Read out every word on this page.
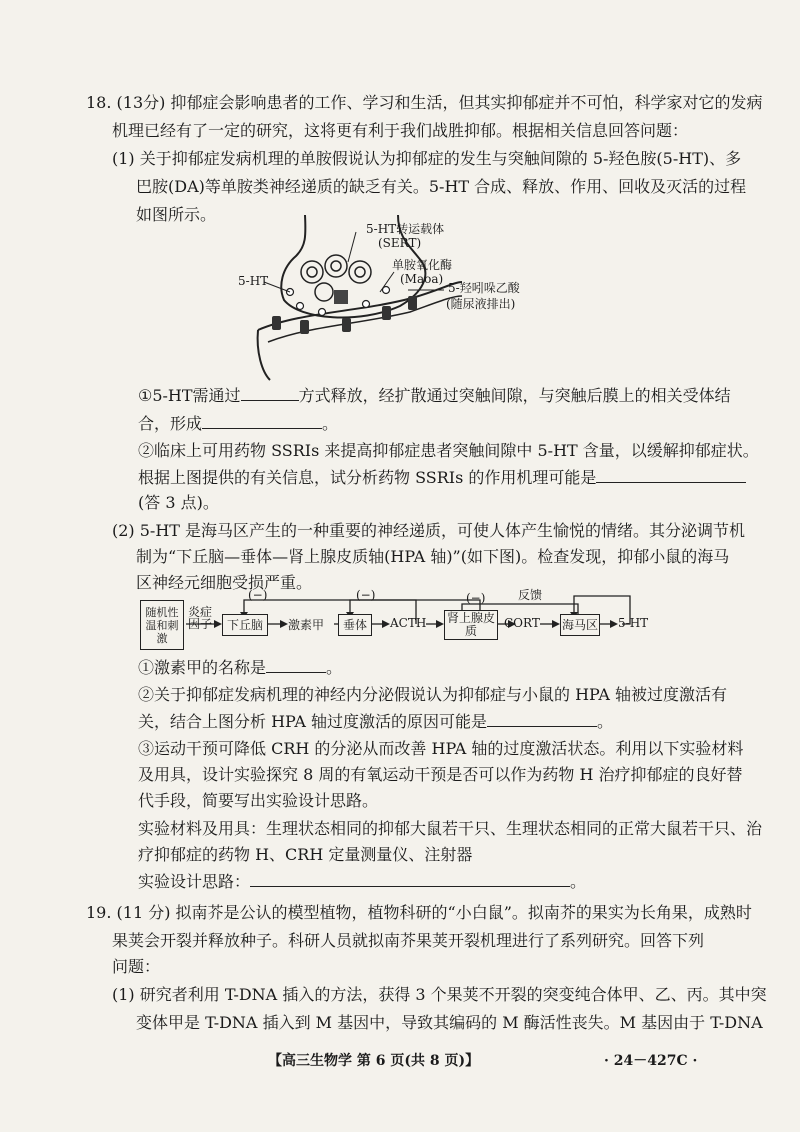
18. (13分) 抑郁症会影响患者的工作、学习和生活，但其实抑郁症并不可怕，科学家对它的发病
机理已经有了一定的研究，这将更有利于我们战胜抑郁。根据相关信息回答问题：
(1) 关于抑郁症发病机理的单胺假说认为抑郁症的发生与突触间隙的 5-羟色胺(5-HT)、多
巴胺(DA)等单胺类神经递质的缺乏有关。5-HT 合成、释放、作用、回收及灭活的过程
如图所示。
5-HT转运载体
(SERT)
单胺氧化酶
(Maoa)
5-HT	5-羟吲哚乙酸
(随尿液排出)
①5-HT需通过	方式释放，经扩散通过突触间隙，与突触后膜上的相关受体结
合，形成	。
②临床上可用药物 SSRIs 来提高抑郁症患者突触间隙中 5-HT 含量，以缓解抑郁症状。
根据上图提供的有关信息，试分析药物 SSRIs 的作用机理可能是
(答 3 点)。
(2) 5-HT 是海马区产生的一种重要的神经递质，可使人体产生愉悦的情绪。其分泌调节机
制为“下丘脑—垂体—肾上腺皮质轴(HPA 轴)”(如下图)。检查发现，抑郁小鼠的海马
区神经元细胞受损严重。
随机性温和刺激
炎症因子	下丘脑	激素甲	垂体	ACTH 肾上腺皮质
CORT 海马区 5-HT
(−)	(−)	(−)	反馈
①激素甲的名称是	。
②关于抑郁症发病机理的神经内分泌假说认为抑郁症与小鼠的 HPA 轴被过度激活有
关，结合上图分析 HPA 轴过度激活的原因可能是	。
③运动干预可降低 CRH 的分泌从而改善 HPA 轴的过度激活状态。利用以下实验材料
及用具，设计实验探究 8 周的有氧运动干预是否可以作为药物 H 治疗抑郁症的良好替
代手段，简要写出实验设计思路。
实验材料及用具：生理状态相同的抑郁大鼠若干只、生理状态相同的正常大鼠若干只、治
疗抑郁症的药物 H、CRH 定量测量仪、注射器
实验设计思路：	。
19. (11 分) 拟南芥是公认的模型植物，植物科研的“小白鼠”。拟南芥的果实为长角果，成熟时
果荚会开裂并释放种子。科研人员就拟南芥果荚开裂机理进行了系列研究。回答下列
问题：
(1) 研究者利用 T-DNA 插入的方法，获得 3 个果荚不开裂的突变纯合体甲、乙、丙。其中突
变体甲是 T-DNA 插入到 M 基因中，导致其编码的 M 酶活性丧失。M 基因由于 T-DNA
【高三生物学 第 6 页(共 8 页)】	· 24－427C ·
